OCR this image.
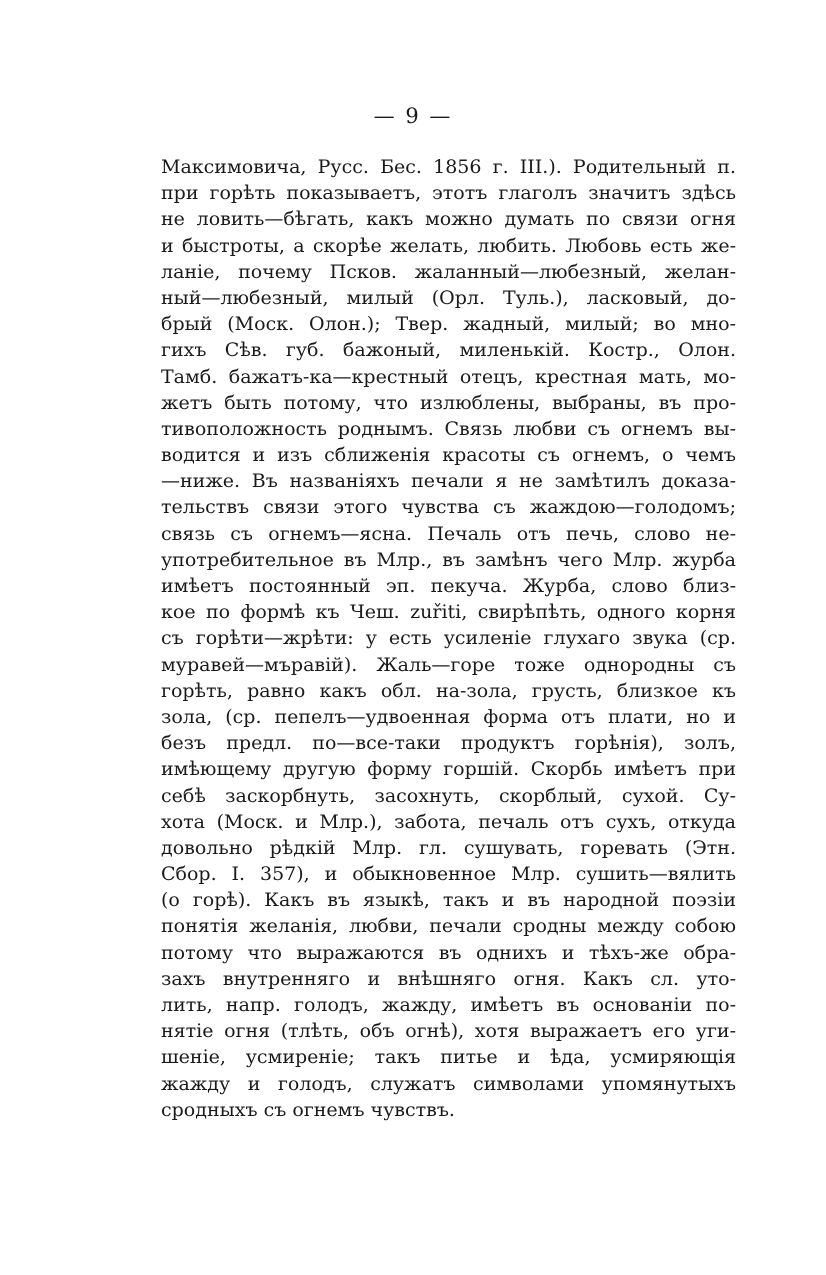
— 9 —
Максимовича, Русс. Бес. 1856 г. III.). Родительный п.
при горѣть показываетъ, этотъ глаголъ значитъ здѣсь
не ловить—бѣгать, какъ можно думать по связи огня
и быстроты, а скорѣе желать, любить. Любовь есть же-
ланіе, почему Псков. жаланный—любезный, желан-
ный—любезный, милый (Орл. Туль.), ласковый, до-
брый (Моск. Олон.); Твер. жадный, милый; во мно-
гихъ Сѣв. губ. бажоный, миленькій. Костр., Олон.
Тамб. бажатъ-ка—крестный отецъ, крестная мать, мо-
жетъ быть потому, что излюблены, выбраны, въ про-
тивоположность роднымъ. Связь любви съ огнемъ вы-
водится и изъ сближенія красоты съ огнемъ, о чемъ
—ниже. Въ названіяхъ печали я не замѣтилъ доказа-
тельствъ связи этого чувства съ жаждою—голодомъ;
связь съ огнемъ—ясна. Печаль отъ печь, слово не-
употребительное въ Млр., въ замѣнъ чего Млр. журба
имѣетъ постоянный эп. пекуча. Журба, слово близ-
кое по формѣ къ Чеш. zuřiti, свирѣпѣть, одного корня
съ горѣти—жрѣти: у есть усиленіе глухаго звука (ср.
муравей—мъравій). Жаль—горе тоже однородны съ
горѣть, равно какъ обл. на-зола, грусть, близкое къ
зола, (ср. пепелъ—удвоенная форма отъ плати, но и
безъ предл. по—все-таки продуктъ горѣнія), золъ,
имѣющему другую форму горшій. Скорбь имѣетъ при
себѣ заскорбнуть, засохнуть, скорблый, сухой. Су-
хота (Моск. и Млр.), забота, печаль отъ сухъ, откуда
довольно рѣдкій Млр. гл. сушувать, горевать (Этн.
Сбор. I. 357), и обыкновенное Млр. сушить—вялить
(о горѣ). Какъ въ языкѣ, такъ и въ народной поэзіи
понятія желанія, любви, печали сродны между собою
потому что выражаются въ однихъ и тѣхъ-же обра-
захъ внутренняго и внѣшняго огня. Какъ сл. уто-
лить, напр. голодъ, жажду, имѣетъ въ основаніи по-
нятіе огня (тлѣть, объ огнѣ), хотя выражаетъ его уги-
шеніе, усмиреніе; такъ питье и ѣда, усмиряющія
жажду и голодъ, служатъ символами упомянутыхъ
сродныхъ съ огнемъ чувствъ.
